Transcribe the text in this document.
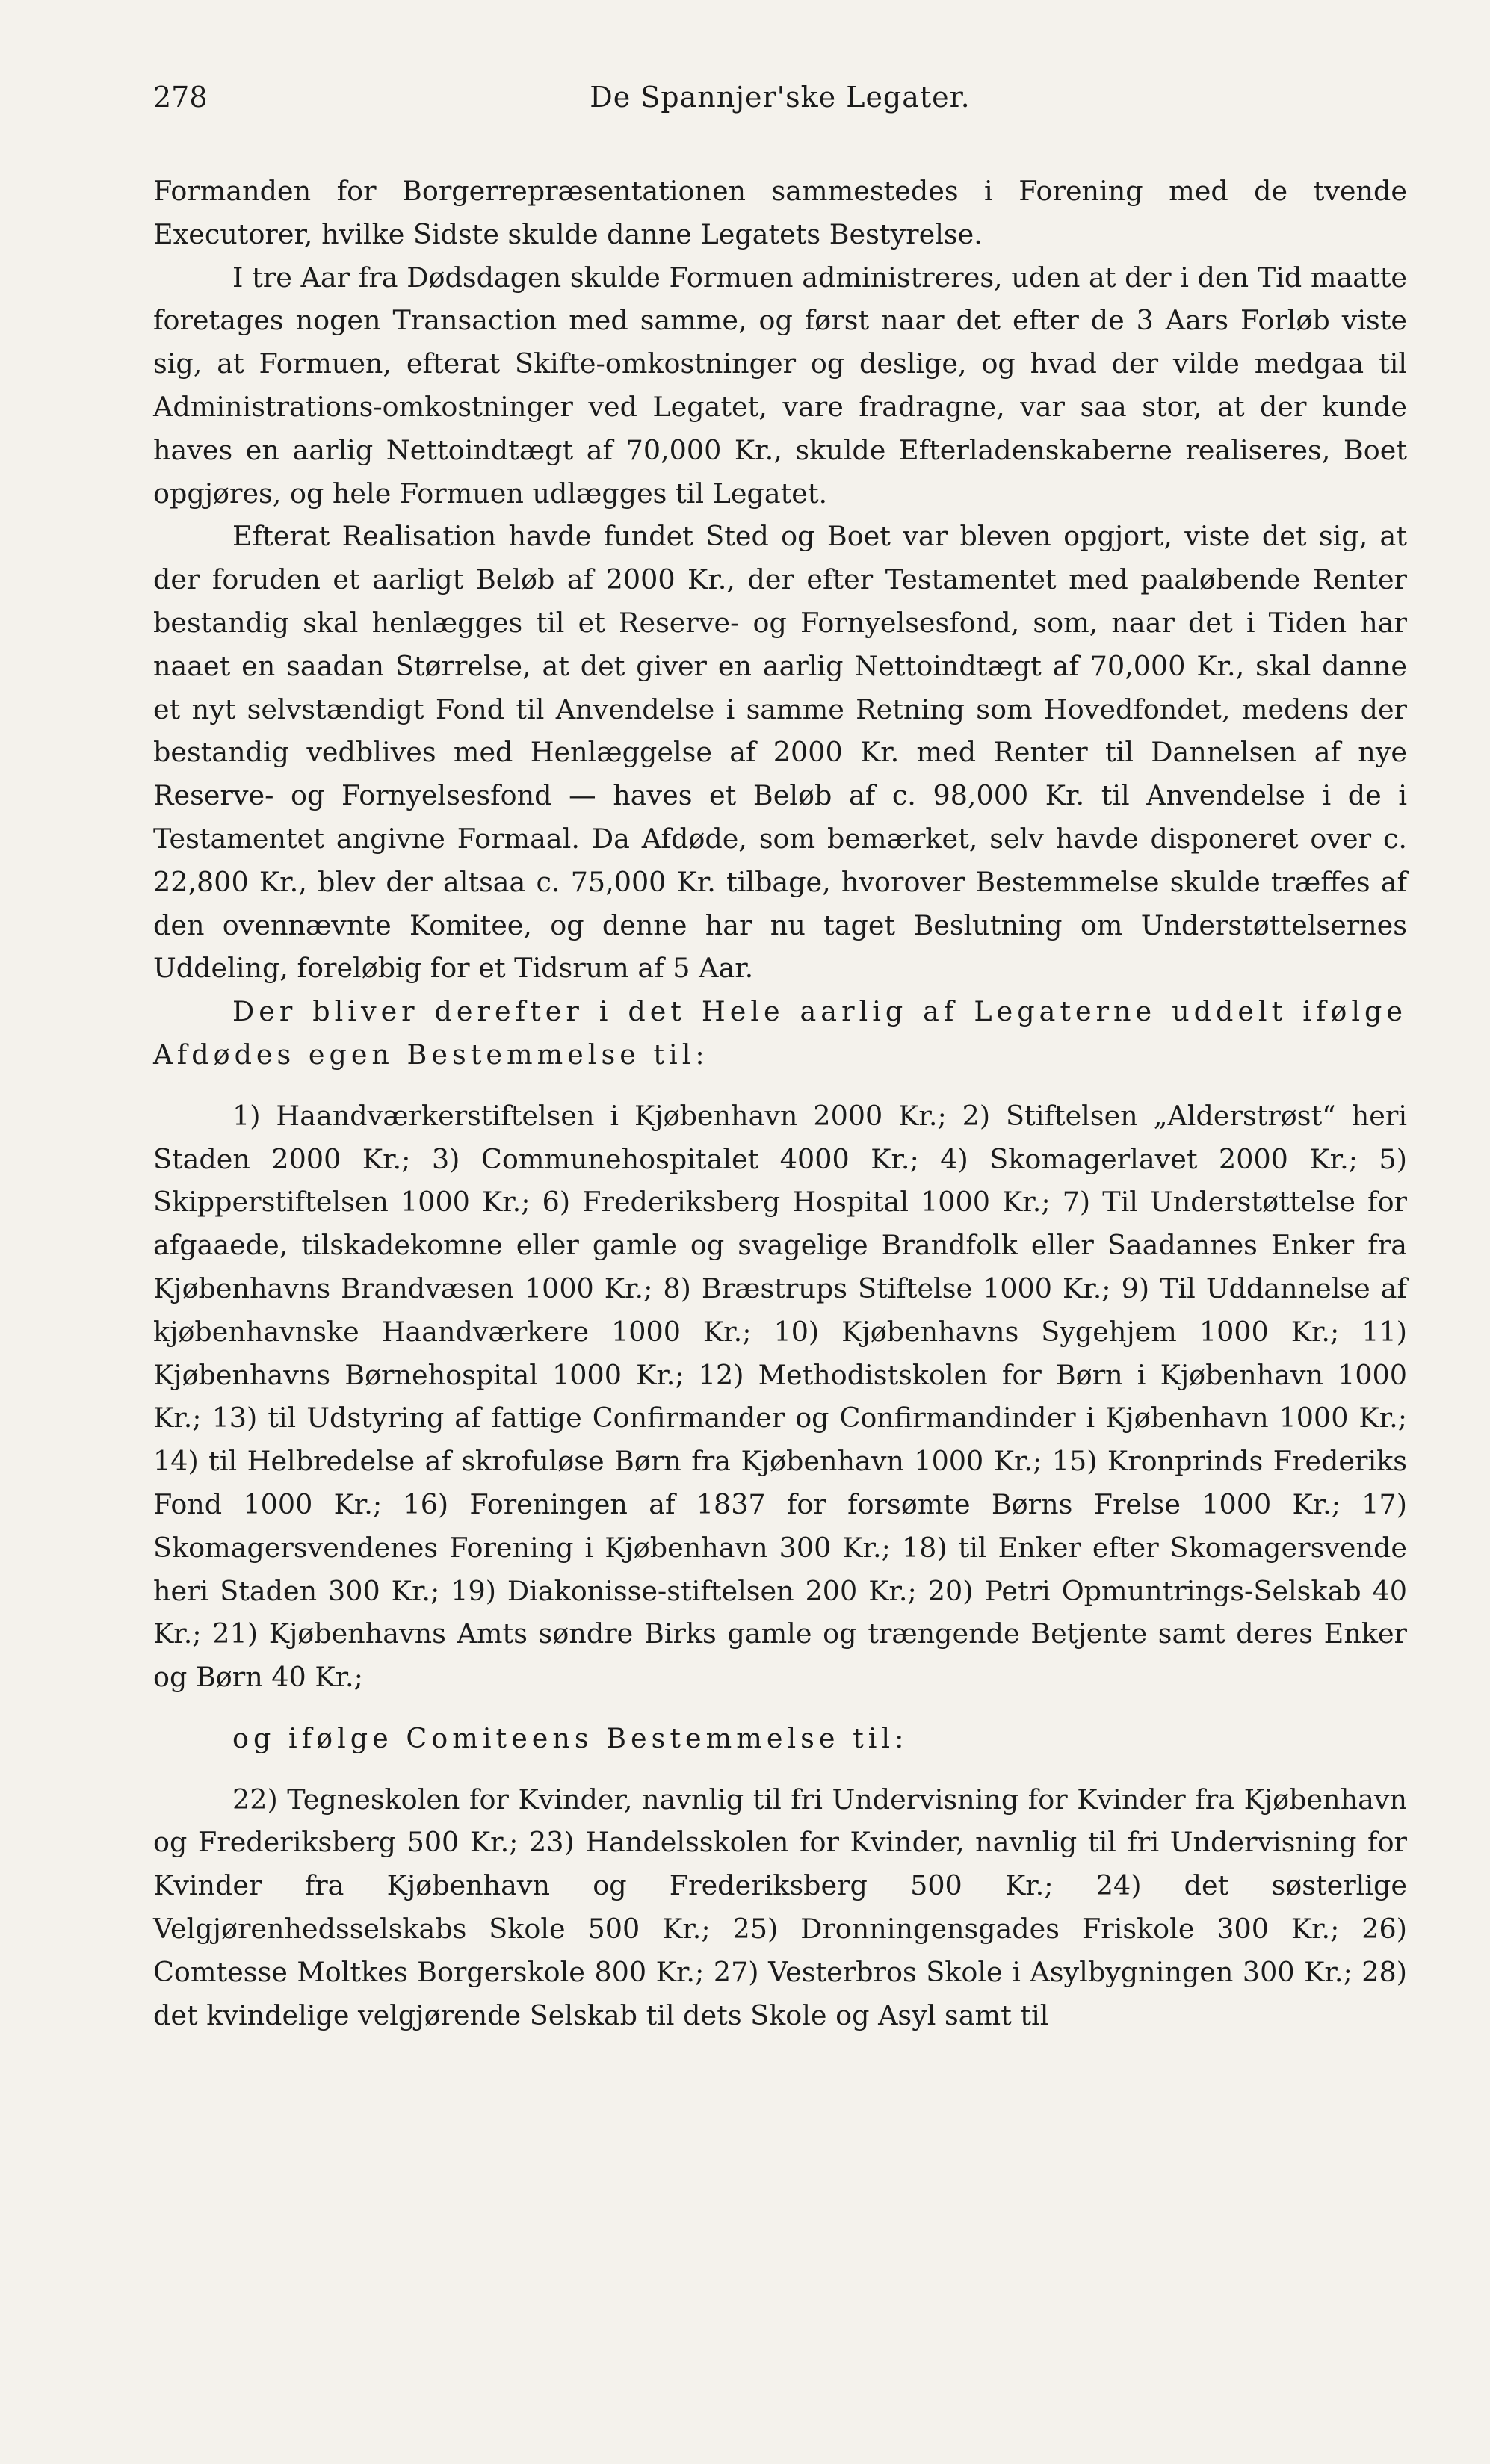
278	De Spannjer'ske Legater.

Formanden for Borgerrepræsentationen sammestedes i Forening med de tvende Executorer, hvilke Sidste skulde danne Legatets Bestyrelse.

I tre Aar fra Dødsdagen skulde Formuen administreres, uden at der i den Tid maatte foretages nogen Transaction med samme, og først naar det efter de 3 Aars Forløb viste sig, at Formuen, efterat Skifte-omkostninger og deslige, og hvad der vilde medgaa til Administrations-omkostninger ved Legatet, vare fradragne, var saa stor, at der kunde haves en aarlig Nettoindtægt af 70,000 Kr., skulde Efterladenskaberne realiseres, Boet opgjøres, og hele Formuen udlægges til Legatet.

Efterat Realisation havde fundet Sted og Boet var bleven opgjort, viste det sig, at der foruden et aarligt Beløb af 2000 Kr., der efter Testamentet med paaløbende Renter bestandig skal henlægges til et Reserve- og Fornyelsesfond, som, naar det i Tiden har naaet en saadan Størrelse, at det giver en aarlig Nettoindtægt af 70,000 Kr., skal danne et nyt selvstændigt Fond til Anvendelse i samme Retning som Hovedfondet, medens der bestandig vedblives med Henlæggelse af 2000 Kr. med Renter til Dannelsen af nye Reserve- og Fornyelsesfond — haves et Beløb af c. 98,000 Kr. til Anvendelse i de i Testamentet angivne Formaal. Da Afdøde, som bemærket, selv havde disponeret over c. 22,800 Kr., blev der altsaa c. 75,000 Kr. tilbage, hvorover Bestemmelse skulde træffes af den ovennævnte Komitee, og denne har nu taget Beslutning om Understøttelsernes Uddeling, foreløbig for et Tidsrum af 5 Aar.

Der bliver derefter i det Hele aarlig af Legaterne uddelt ifølge Afdødes egen Bestemmelse til:

1) Haandværkerstiftelsen i Kjøbenhavn 2000 Kr.; 2) Stiftelsen „Alderstrøst“ heri Staden 2000 Kr.; 3) Communehospitalet 4000 Kr.; 4) Skomagerlavet 2000 Kr.; 5) Skipperstiftelsen 1000 Kr.; 6) Frederiksberg Hospital 1000 Kr.; 7) Til Understøttelse for afgaaede, tilskadekomne eller gamle og svagelige Brandfolk eller Saadannes Enker fra Kjøbenhavns Brandvæsen 1000 Kr.; 8) Bræstrups Stiftelse 1000 Kr.; 9) Til Uddannelse af kjøbenhavnske Haandværkere 1000 Kr.; 10) Kjøbenhavns Sygehjem 1000 Kr.; 11) Kjøbenhavns Børnehospital 1000 Kr.; 12) Methodistskolen for Børn i Kjøbenhavn 1000 Kr.; 13) til Udstyring af fattige Confirmander og Confirmandinder i Kjøbenhavn 1000 Kr.; 14) til Helbredelse af skrofuløse Børn fra Kjøbenhavn 1000 Kr.; 15) Kronprinds Frederiks Fond 1000 Kr.; 16) Foreningen af 1837 for forsømte Børns Frelse 1000 Kr.; 17) Skomagersvendenes Forening i Kjøbenhavn 300 Kr.; 18) til Enker efter Skomagersvende heri Staden 300 Kr.; 19) Diakonisse-stiftelsen 200 Kr.; 20) Petri Opmuntrings-Selskab 40 Kr.; 21) Kjøbenhavns Amts søndre Birks gamle og trængende Betjente samt deres Enker og Børn 40 Kr.;

og ifølge Comiteens Bestemmelse til:

22) Tegneskolen for Kvinder, navnlig til fri Undervisning for Kvinder fra Kjøbenhavn og Frederiksberg 500 Kr.; 23) Handelsskolen for Kvinder, navnlig til fri Undervisning for Kvinder fra Kjøbenhavn og Frederiksberg 500 Kr.; 24) det søsterlige Velgjørenhedsselskabs Skole 500 Kr.; 25) Dronningensgades Friskole 300 Kr.; 26) Comtesse Moltkes Borgerskole 800 Kr.; 27) Vesterbros Skole i Asylbygningen 300 Kr.; 28) det kvindelige velgjørende Selskab til dets Skole og Asyl samt til
